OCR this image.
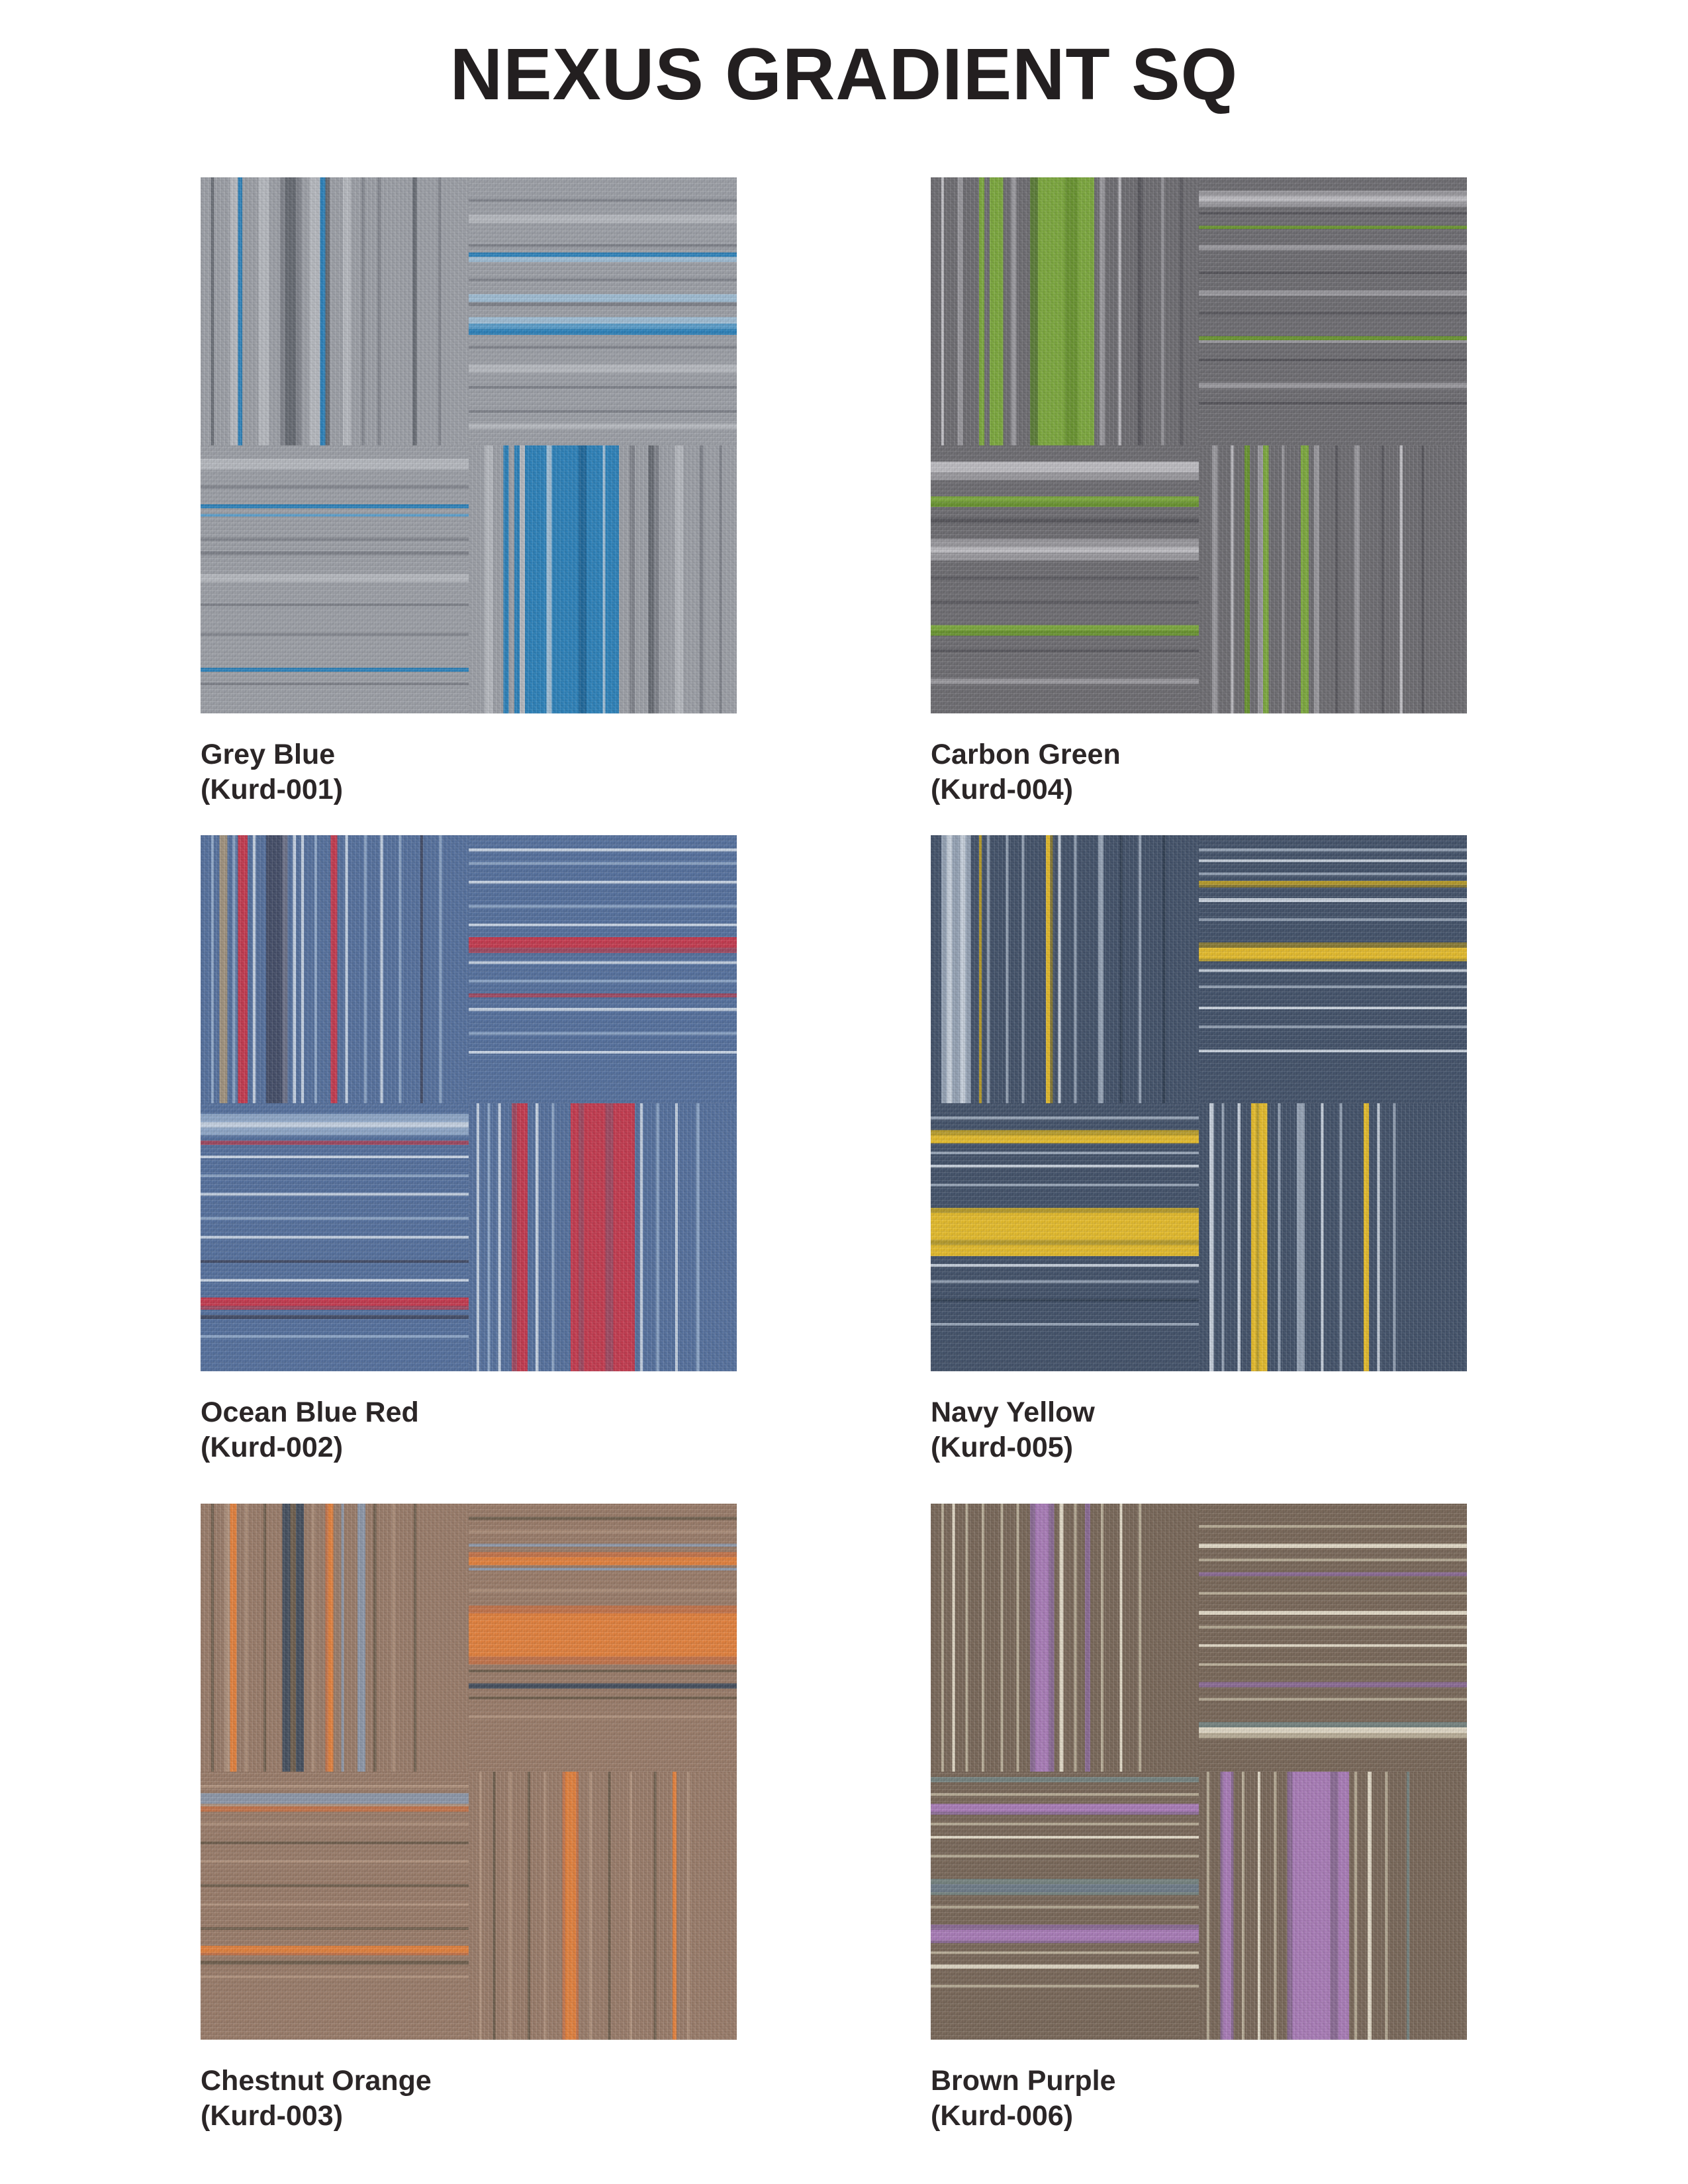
NEXUS GRADIENT SQ
Grey Blue
(Kurd-001)
Carbon Green
(Kurd-004)
Ocean Blue Red
(Kurd-002)
Navy Yellow
(Kurd-005)
Chestnut Orange
(Kurd-003)
Brown Purple
(Kurd-006)
